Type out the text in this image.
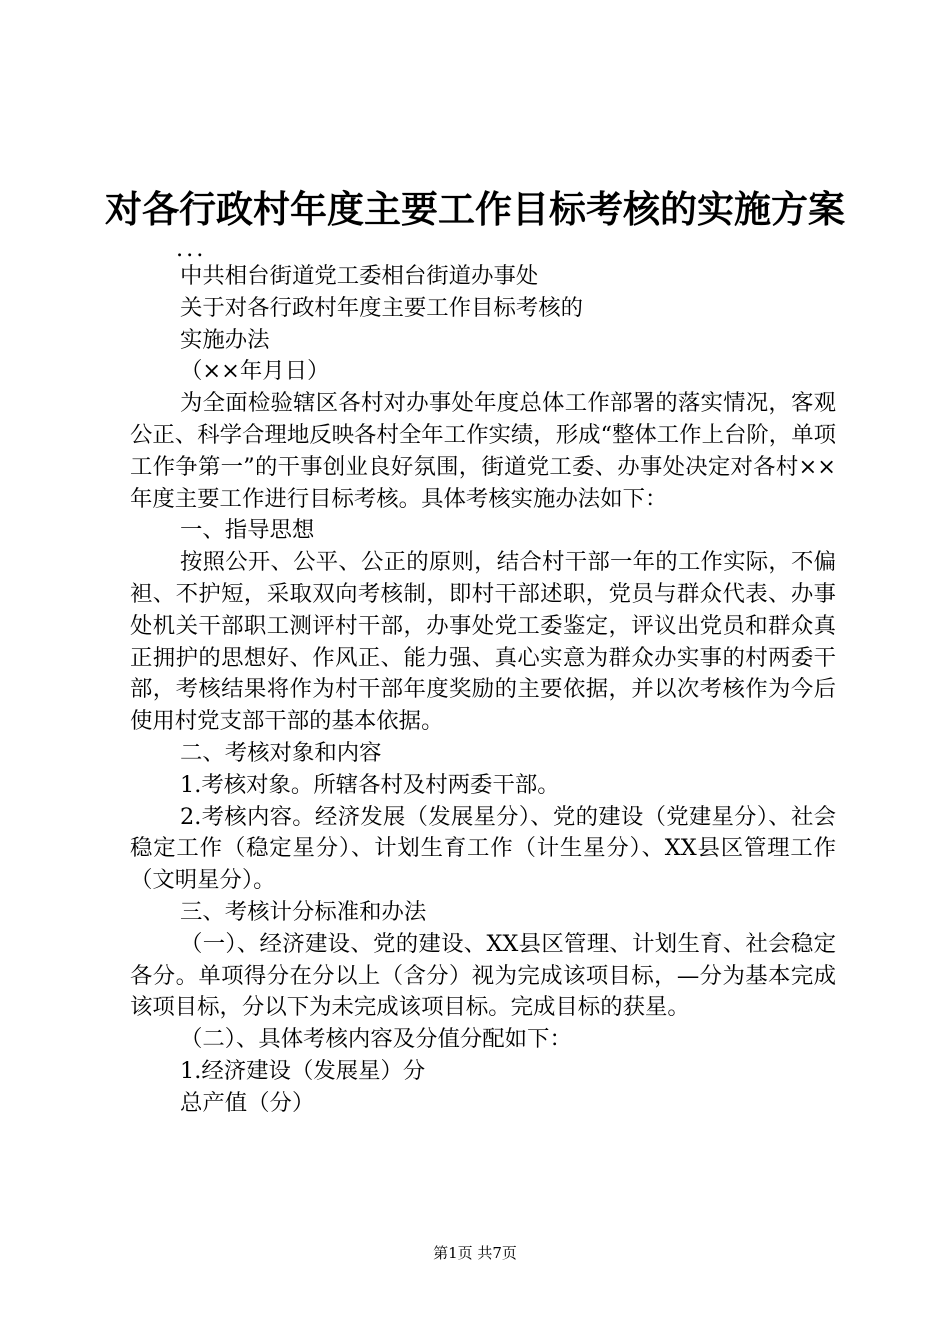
对各行政村年度主要工作目标考核的实施方案

...

中共相台街道党工委相台街道办事处

关于对各行政村年度主要工作目标考核的

实施办法

（××年月日）

为全面检验辖区各村对办事处年度总体工作部署的落实情况，客观公正、科学合理地反映各村全年工作实绩，形成“整体工作上台阶，单项工作争第一”的干事创业良好氛围，街道党工委、办事处决定对各村××年度主要工作进行目标考核。具体考核实施办法如下：

一、指导思想

按照公开、公平、公正的原则，结合村干部一年的工作实际，不偏袒、不护短，采取双向考核制，即村干部述职，党员与群众代表、办事处机关干部职工测评村干部，办事处党工委鉴定，评议出党员和群众真正拥护的思想好、作风正、能力强、真心实意为群众办实事的村两委干部，考核结果将作为村干部年度奖励的主要依据，并以次考核作为今后使用村党支部干部的基本依据。

二、考核对象和内容

1.考核对象。所辖各村及村两委干部。

2.考核内容。经济发展（发展星分）、党的建设（党建星分）、社会稳定工作（稳定星分）、计划生育工作（计生星分）、XX县区管理工作（文明星分）。

三、考核计分标准和办法

（一）、经济建设、党的建设、XX县区管理、计划生育、社会稳定各分。单项得分在分以上（含分）视为完成该项目标，—分为基本完成该项目标，分以下为未完成该项目标。完成目标的获星。

（二）、具体考核内容及分值分配如下：

1.经济建设（发展星）分

总产值（分）

第1页 共7页
